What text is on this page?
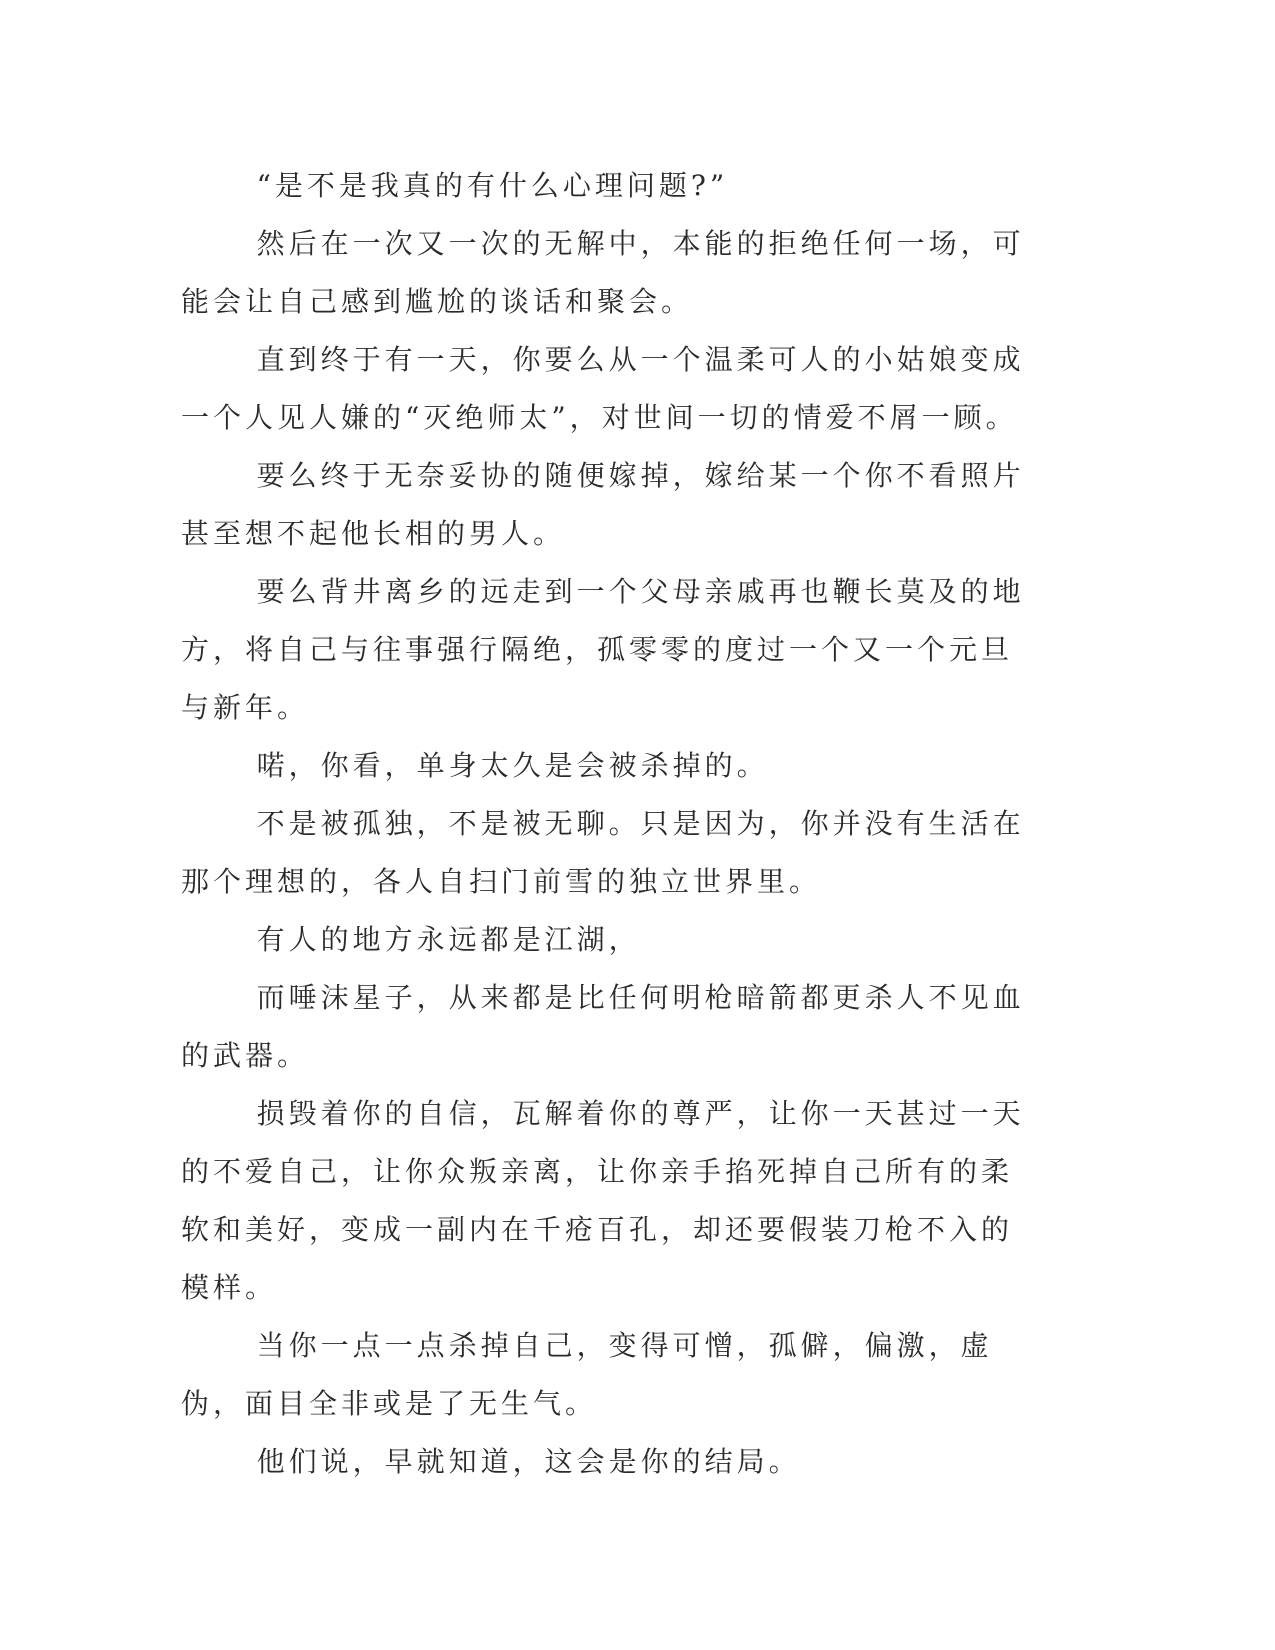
“是不是我真的有什么心理问题?”

然后在一次又一次的无解中，本能的拒绝任何一场，可能会让自己感到尴尬的谈话和聚会。

直到终于有一天，你要么从一个温柔可人的小姑娘变成一个人见人嫌的“灭绝师太”，对世间一切的情爱不屑一顾。

要么终于无奈妥协的随便嫁掉，嫁给某一个你不看照片甚至想不起他长相的男人。

要么背井离乡的远走到一个父母亲戚再也鞭长莫及的地方，将自己与往事强行隔绝，孤零零的度过一个又一个元旦与新年。

喏，你看，单身太久是会被杀掉的。

不是被孤独，不是被无聊。只是因为，你并没有生活在那个理想的，各人自扫门前雪的独立世界里。

有人的地方永远都是江湖，

而唾沫星子，从来都是比任何明枪暗箭都更杀人不见血的武器。

损毁着你的自信，瓦解着你的尊严，让你一天甚过一天的不爱自己，让你众叛亲离，让你亲手掐死掉自己所有的柔软和美好，变成一副内在千疮百孔，却还要假装刀枪不入的模样。

当你一点一点杀掉自己，变得可憎，孤僻，偏激，虚伪，面目全非或是了无生气。

他们说，早就知道，这会是你的结局。
